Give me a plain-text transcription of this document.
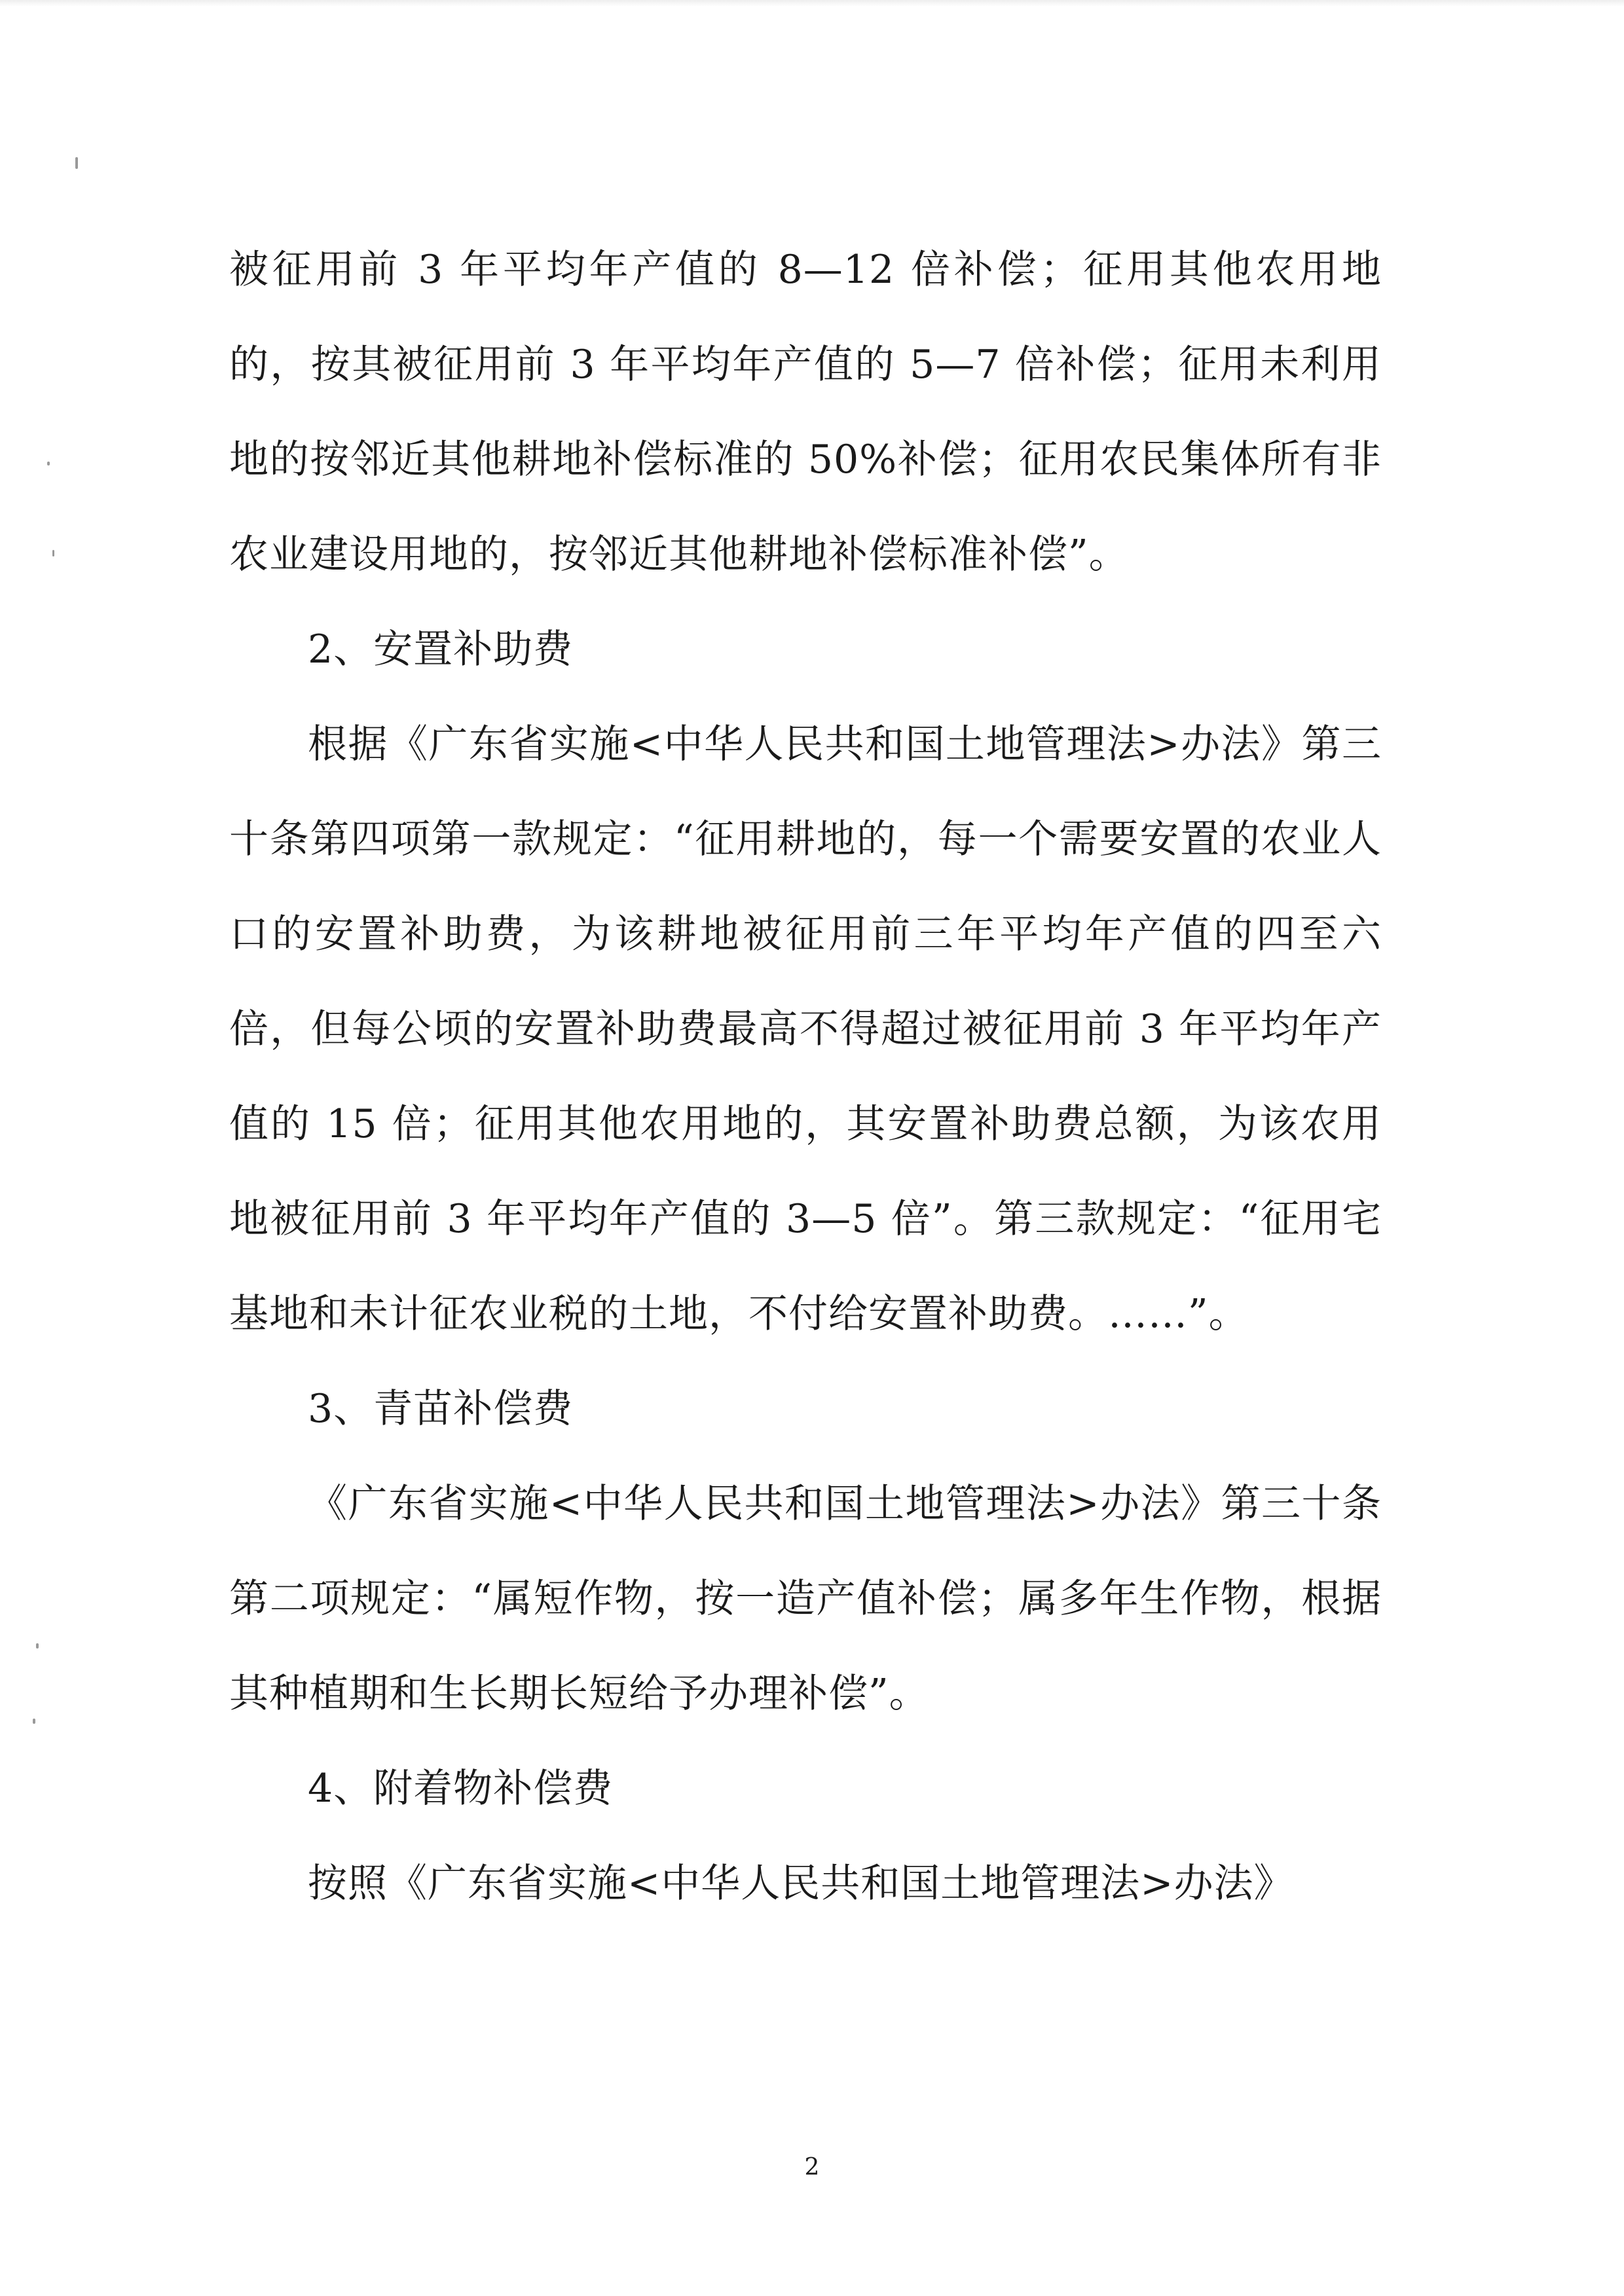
被征用前 3 年平均年产值的 8—12 倍补偿；征用其他农用地的，按其被征用前 3 年平均年产值的 5—7 倍补偿；征用未利用地的按邻近其他耕地补偿标准的 50%补偿；征用农民集体所有非农业建设用地的，按邻近其他耕地补偿标准补偿”。

2、安置补助费

根据《广东省实施<中华人民共和国土地管理法>办法》第三十条第四项第一款规定：“征用耕地的，每一个需要安置的农业人口的安置补助费，为该耕地被征用前三年平均年产值的四至六倍，但每公顷的安置补助费最高不得超过被征用前 3 年平均年产值的 15 倍；征用其他农用地的，其安置补助费总额，为该农用地被征用前 3 年平均年产值的 3—5 倍”。第三款规定：“征用宅基地和未计征农业税的土地，不付给安置补助费。……”。

3、青苗补偿费

《广东省实施<中华人民共和国土地管理法>办法》第三十条第二项规定：“属短作物，按一造产值补偿；属多年生作物，根据其种植期和生长期长短给予办理补偿”。

4、附着物补偿费

按照《广东省实施<中华人民共和国土地管理法>办法》

2
